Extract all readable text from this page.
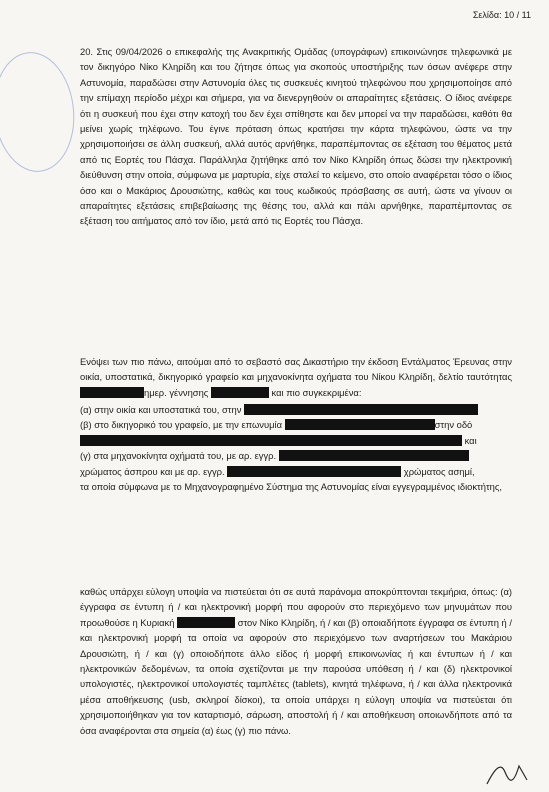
Σελίδα: 10 / 11
20. Στις 09/04/2026 ο επικεφαλής της Ανακριτικής Ομάδας (υπογράφων) επικοινώνησε τηλεφωνικά με τον δικηγόρο Νίκο Κληρίδη και του ζήτησε όπως για σκοπούς υποστήριξης των όσων ανέφερε στην Αστυνομία, παραδώσει στην Αστυνομία όλες τις συσκευές κινητού τηλεφώνου που χρησιμοποίησε από την επίμαχη περίοδο μέχρι και σήμερα, για να διενεργηθούν οι απαραίτητες εξετάσεις. Ο ίδιος ανέφερε ότι η συσκευή που έχει στην κατοχή του δεν έχει σπίθηστε και δεν μπορεί να την παραδώσει, καθότι θα μείνει χωρίς τηλέφωνο. Του έγινε πρόταση όπως κρατήσει την κάρτα τηλεφώνου, ώστε να την χρησιμοποιήσει σε άλλη συσκευή, αλλά αυτός αρνήθηκε, παραπέμποντας σε εξέταση του θέματος μετά από τις Εορτές του Πάσχα. Παράλληλα ζητήθηκε από τον Νίκο Κληρίδη όπως δώσει την ηλεκτρονική διεύθυνση στην οποία, σύμφωνα με μαρτυρία, είχε σταλεί το κείμενο, στο οποίο αναφέρεται τόσο ο ίδιος όσο και ο Μακάριος Δρουσιώτης, καθώς και τους κωδικούς πρόσβασης σε αυτή, ώστε να γίνουν οι απαραίτητες εξετάσεις επιβεβαίωσης της θέσης του, αλλά και πάλι αρνήθηκε, παραπέμποντας σε εξέταση του αιτήματος από τον ίδιο, μετά από τις Εορτές του Πάσχα.
Ενόψει των πιο πάνω, αιτούμαι από το σεβαστό σας Δικαστήριο την έκδοση Εντάλματος Έρευνας στην οικία, υποστατικά, δικηγορικό γραφείο και μηχανοκίνητα οχήματα του Νίκου Κληρίδη, δελτίο ταυτότητας ημερ. γέννησης	και πιο συγκεκριμένα:
(α) στην οικία και υποστατικά του, στην
(β) στο δικηγορικό του γραφείο, με την επωνυμία	στην οδό
και
(γ) στα μηχανοκίνητα οχήματά του, με αρ. εγγρ.
χρώματος άσπρου και με αρ. εγγρ.	χρώματος ασημί,
τα οποία σύμφωνα με το Μηχανογραφημένο Σύστημα της Αστυνομίας είναι εγγεγραμμένος ιδιοκτήτης,
καθώς υπάρχει εύλογη υποψία να πιστεύεται ότι σε αυτά παράνομα αποκρύπτονται τεκμήρια, όπως: (α) έγγραφα σε έντυπη ή / και ηλεκτρονική μορφή που αφορούν στο περιεχόμενο των μηνυμάτων που προωθούσε η Κυριακή	στον Νίκο Κληρίδη, ή / και (β) οποιαδήποτε έγγραφα σε έντυπη ή / και ηλεκτρονική μορφή τα οποία να αφορούν στο περιεχόμενο των αναρτήσεων του Μακάριου Δρουσιώτη, ή / και (γ) οποιοδήποτε άλλο είδος ή μορφή επικοινωνίας ή και έντυπων ή / και ηλεκτρονικών δεδομένων, τα οποία σχετίζονται με την παρούσα υπόθεση ή / και (δ) ηλεκτρονικοί υπολογιστές, ηλεκτρονικοί υπολογιστές ταμπλέτες (tablets), κινητά τηλέφωνα, ή / και άλλα ηλεκτρονικά μέσα αποθήκευσης (usb, σκληροί δίσκοι), τα οποία υπάρχει η εύλογη υποψία να πιστεύεται ότι χρησιμοποιήθηκαν για τον καταρτισμό, σάρωση, αποστολή ή / και αποθήκευση οποιωνδήποτε από τα όσα αναφέρονται στα σημεία (α) έως (γ) πιο πάνω.
